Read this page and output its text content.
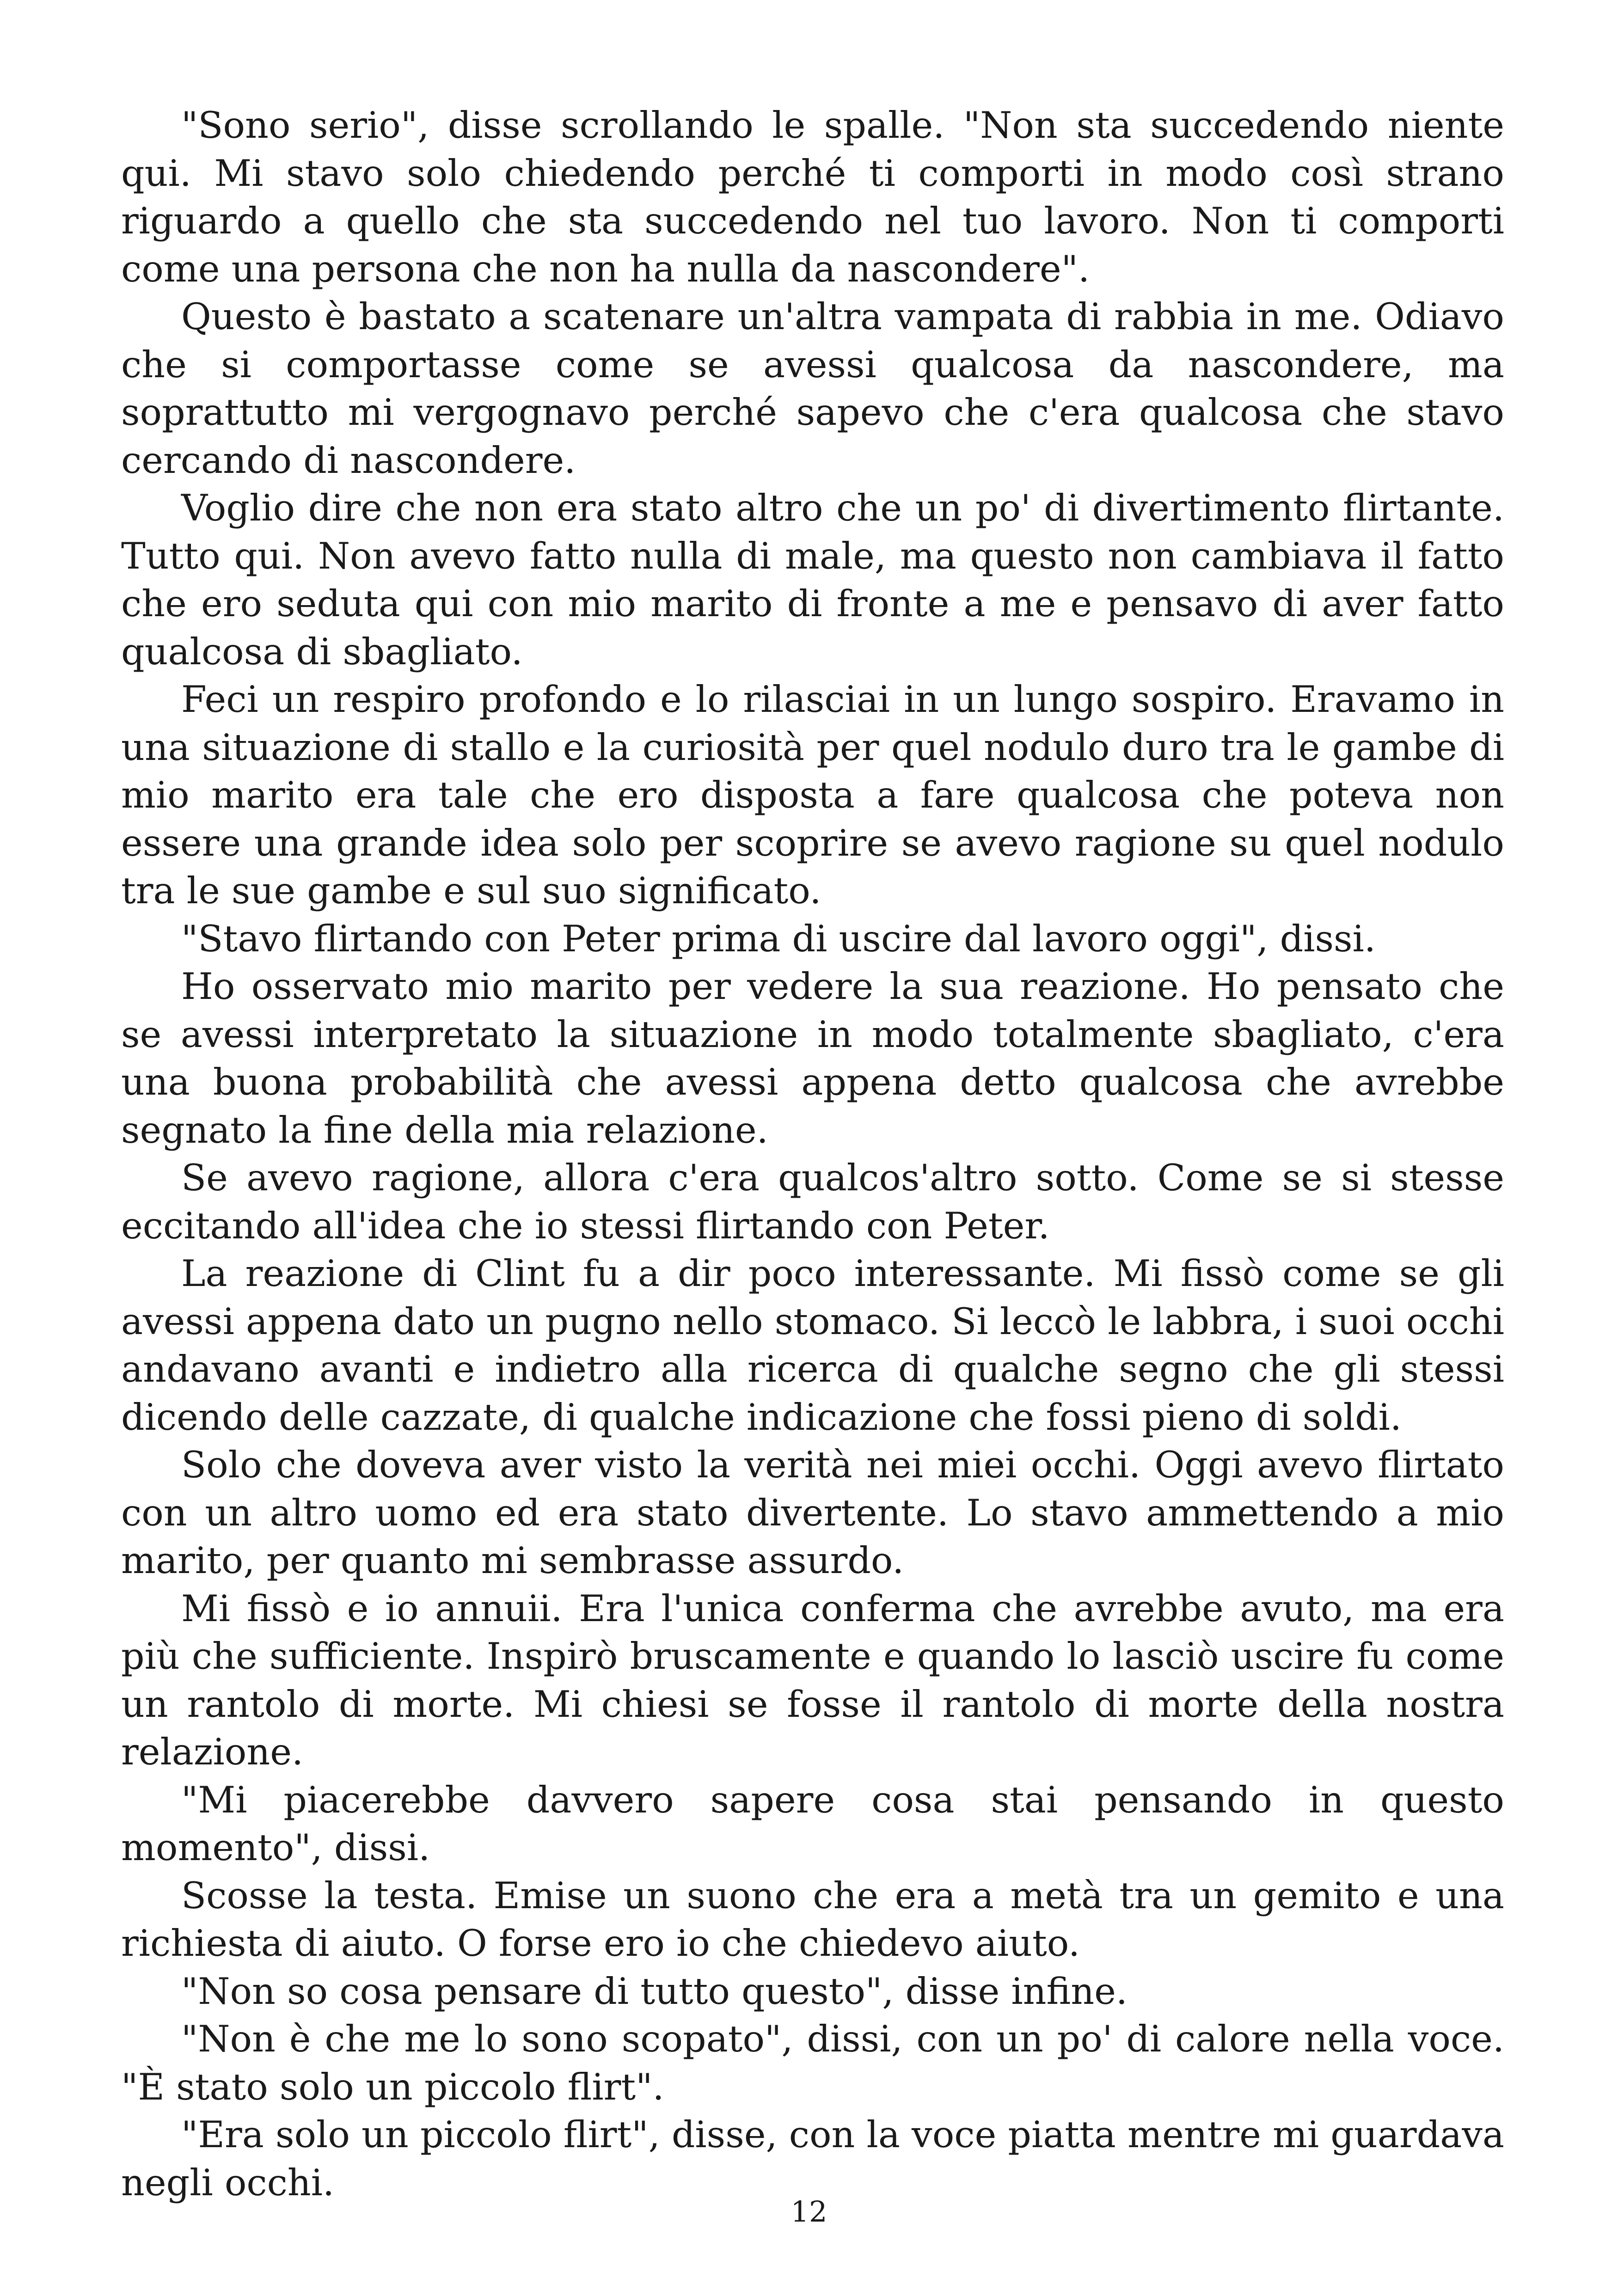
"Sono serio", disse scrollando le spalle. "Non sta succedendo niente qui. Mi stavo solo chiedendo perché ti comporti in modo così strano riguardo a quello che sta succedendo nel tuo lavoro. Non ti comporti come una persona che non ha nulla da nascondere".

Questo è bastato a scatenare un'altra vampata di rabbia in me. Odiavo che si comportasse come se avessi qualcosa da nascondere, ma soprattutto mi vergognavo perché sapevo che c'era qualcosa che stavo cercando di nascondere.

Voglio dire che non era stato altro che un po' di divertimento flirtante. Tutto qui. Non avevo fatto nulla di male, ma questo non cambiava il fatto che ero seduta qui con mio marito di fronte a me e pensavo di aver fatto qualcosa di sbagliato.

Feci un respiro profondo e lo rilasciai in un lungo sospiro. Eravamo in una situazione di stallo e la curiosità per quel nodulo duro tra le gambe di mio marito era tale che ero disposta a fare qualcosa che poteva non essere una grande idea solo per scoprire se avevo ragione su quel nodulo tra le sue gambe e sul suo significato.

"Stavo flirtando con Peter prima di uscire dal lavoro oggi", dissi.

Ho osservato mio marito per vedere la sua reazione. Ho pensato che se avessi interpretato la situazione in modo totalmente sbagliato, c'era una buona probabilità che avessi appena detto qualcosa che avrebbe segnato la fine della mia relazione.

Se avevo ragione, allora c'era qualcos'altro sotto. Come se si stesse eccitando all'idea che io stessi flirtando con Peter.

La reazione di Clint fu a dir poco interessante. Mi fissò come se gli avessi appena dato un pugno nello stomaco. Si leccò le labbra, i suoi occhi andavano avanti e indietro alla ricerca di qualche segno che gli stessi dicendo delle cazzate, di qualche indicazione che fossi pieno di soldi.

Solo che doveva aver visto la verità nei miei occhi. Oggi avevo flirtato con un altro uomo ed era stato divertente. Lo stavo ammettendo a mio marito, per quanto mi sembrasse assurdo.

Mi fissò e io annuii. Era l'unica conferma che avrebbe avuto, ma era più che sufficiente. Inspirò bruscamente e quando lo lasciò uscire fu come un rantolo di morte. Mi chiesi se fosse il rantolo di morte della nostra relazione.

"Mi piacerebbe davvero sapere cosa stai pensando in questo momento", dissi.

Scosse la testa. Emise un suono che era a metà tra un gemito e una richiesta di aiuto. O forse ero io che chiedevo aiuto.

"Non so cosa pensare di tutto questo", disse infine.

"Non è che me lo sono scopato", dissi, con un po' di calore nella voce. "È stato solo un piccolo flirt".

"Era solo un piccolo flirt", disse, con la voce piatta mentre mi guardava negli occhi.

12
